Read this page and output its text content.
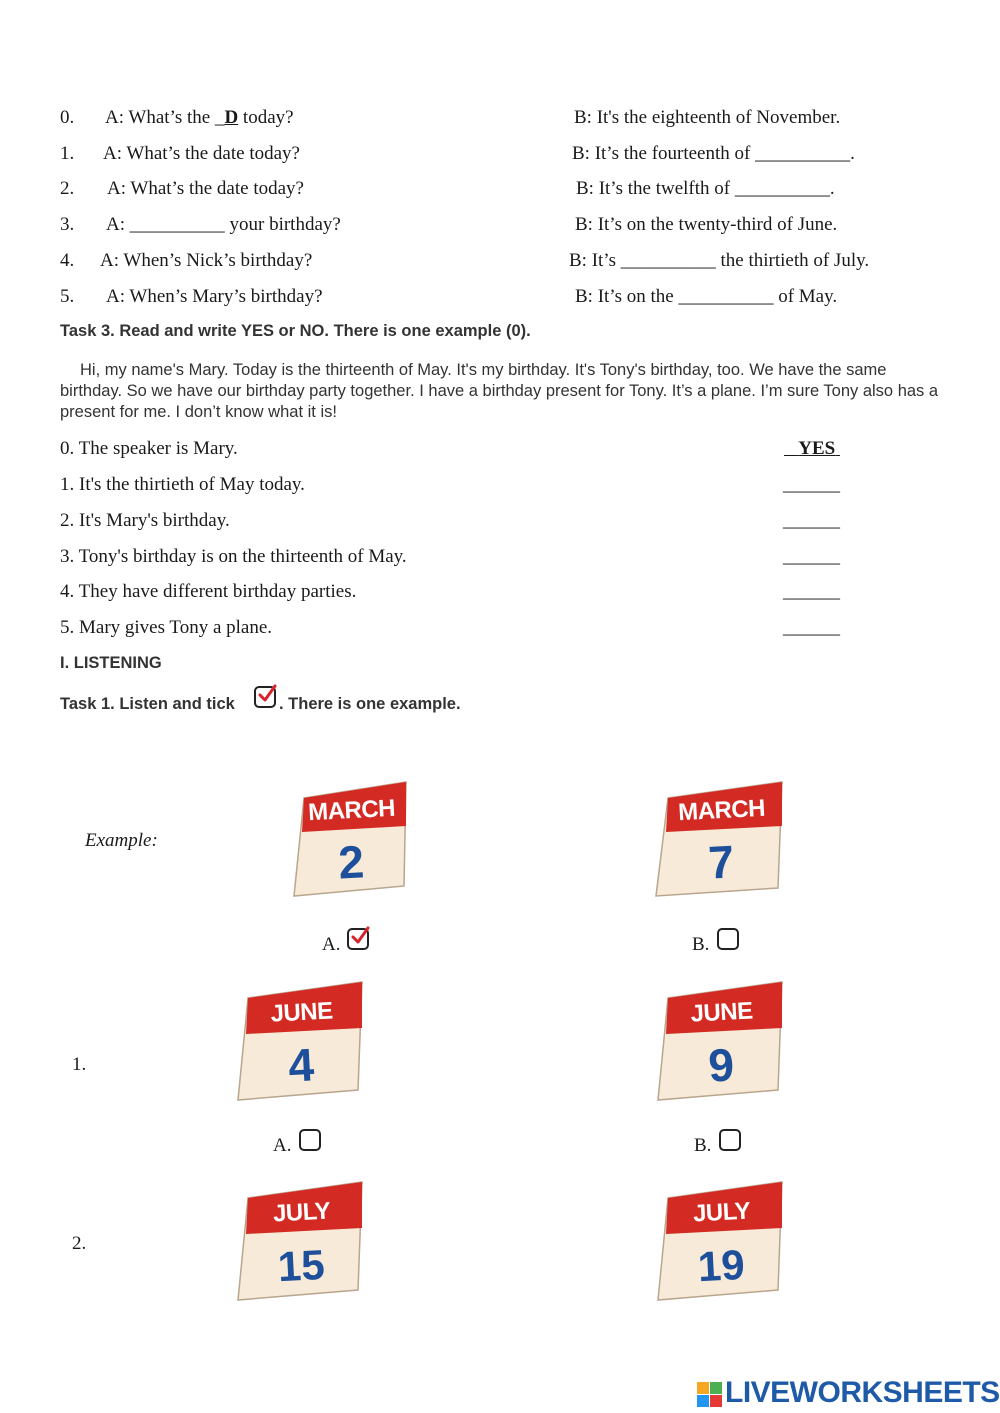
0. A: What’s the _D today?	B: It's the eighteenth of November.
1. A: What’s the date today?	B: It’s the fourteenth of __________.
2. A: What’s the date today?	B: It’s the twelfth of __________.
3. A: __________ your birthday?	B: It’s on the twenty-third of June.
4. A: When’s Nick’s birthday?	B: It’s __________ the thirtieth of July.
5. A: When’s Mary’s birthday?	B: It’s on the __________ of May.
Task 3. Read and write YES or NO. There is one example (0).
Hi, my name's Mary. Today is the thirteenth of May. It's my birthday. It's Tony's birthday, too. We have the same birthday. So we have our birthday party together. I have a birthday present for Tony. It’s a plane. I’m sure Tony also has a present for me. I don’t know what it is!
0. The speaker is Mary.	YES
1. It's the thirtieth of May today.	______
2. It's Mary's birthday.	______
3. Tony's birthday is on the thirteenth of May.	______
4. They have different birthday parties.	______
5. Mary gives Tony a plane.	______
I. LISTENING
Task 1. Listen and tick	. There is one example.
Example:
MARCH
2
MARCH
7
A.	B.
1.
JUNE
4
JUNE
9
A.	B.
2.
JULY
15
JULY
19
LIVEWORKSHEETS
